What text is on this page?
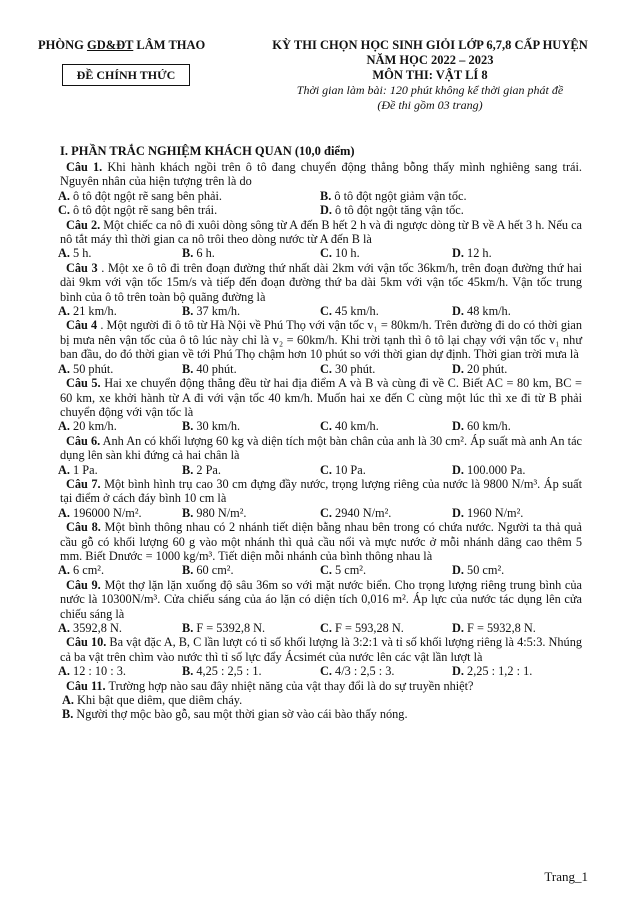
PHÒNG GD&ĐT LÂM THAO
ĐỀ CHÍNH THỨC
KỲ THI CHỌN HỌC SINH GIỎI LỚP 6,7,8 CẤP HUYỆN
NĂM HỌC 2022 – 2023
MÔN THI: VẬT LÍ 8
Thời gian làm bài: 120 phút không kể thời gian phát đề
(Đề thi gồm 03 trang)
I. PHẦN TRẮC NGHIỆM KHÁCH QUAN (10,0 điểm)

Câu 1. Khi hành khách ngồi trên ô tô đang chuyển động thẳng bỗng thấy mình nghiêng sang trái. Nguyên nhân của hiện tượng trên là do

A. ô tô đột ngột rẽ sang bên phải.	B. ô tô đột ngột giảm vận tốc.
C. ô tô đột ngột rẽ sang bên trái.	D. ô tô đột ngột tăng vận tốc.

Câu 2. Một chiếc ca nô đi xuôi dòng sông từ A đến B hết 2 h và đi ngược dòng từ B về A hết 3 h. Nếu ca nô tắt máy thì thời gian ca nô trôi theo dòng nước từ A đến B là

A. 5 h.	B. 6 h.	C. 10 h.	D. 12 h.

Câu 3 . Một xe ô tô đi trên đoạn đường thứ nhất dài 2km với vận tốc 36km/h, trên đoạn đường thứ hai dài 9km với vận tốc 15m/s và tiếp đến đoạn đường thứ ba dài 5km với vận tốc 45km/h. Vận tốc trung bình của ô tô trên toàn bộ quãng đường là

A. 21 km/h.	B. 37 km/h.	C. 45 km/h.	D. 48 km/h.

Câu 4 . Một người đi ô tô từ Hà Nội về Phú Thọ với vận tốc v₁ = 80km/h. Trên đường đi do có thời gian bị mưa nên vận tốc của ô tô lúc này chỉ là v₂ = 60km/h. Khi trời tạnh thì ô tô lại chạy với vận tốc v₁ như ban đầu, do đó thời gian về tới Phú Thọ chậm hơn 10 phút so với thời gian dự định. Thời gian trời mưa là

A. 50 phút.	B. 40 phút.	C. 30 phút.	D. 20 phút.

Câu 5. Hai xe chuyển động thẳng đều từ hai địa điểm A và B và cùng đi về C. Biết AC = 80 km, BC = 60 km, xe khởi hành từ A đi với vận tốc 40 km/h. Muốn hai xe đến C cùng một lúc thì xe đi từ B phải chuyển động với vận tốc là

A. 20 km/h.	B. 30 km/h.	C. 40 km/h.	D. 60 km/h.

Câu 6. Anh An có khối lượng 60 kg và diện tích một bàn chân của anh là 30 cm². Áp suất mà anh An tác dụng lên sàn khi đứng cả hai chân là

A. 1 Pa.	B. 2 Pa.	C. 10 Pa.	D. 100.000 Pa.

Câu 7. Một bình hình trụ cao 30 cm đựng đầy nước, trọng lượng riêng của nước là 9800 N/m³. Áp suất tại điểm ở cách đáy bình 10 cm là

A. 196000 N/m².	B. 980 N/m².	C. 2940 N/m².	D. 1960 N/m².

Câu 8. Một bình thông nhau có 2 nhánh tiết diện bằng nhau bên trong có chứa nước. Người ta thả quả cầu gỗ có khối lượng 60 g vào một nhánh thì quả cầu nổi và mực nước ở mỗi nhánh dâng cao thêm 5 mm. Biết Dnước = 1000 kg/m³. Tiết diện mỗi nhánh của bình thông nhau là

A. 6 cm².	B. 60 cm².	C. 5 cm².	D. 50 cm².

Câu 9. Một thợ lặn lặn xuống độ sâu 36m so với mặt nước biển. Cho trọng lượng riêng trung bình của nước là 10300N/m³. Cửa chiếu sáng của áo lặn có diện tích 0,016 m². Áp lực của nước tác dụng lên cửa chiếu sáng là

A. 3592,8 N.	B. F = 5392,8 N.	C. F = 593,28 N.	D. F = 5932,8 N.

Câu 10. Ba vật đặc A, B, C lần lượt có tỉ số khối lượng là 3:2:1 và tỉ số khối lượng riêng là 4:5:3. Nhúng cả ba vật trên chìm vào nước thì tỉ số lực đẩy Ácsimét của nước lên các vật lần lượt là

A. 12 : 10 : 3.	B. 4,25 : 2,5 : 1.	C. 4/3 : 2,5 : 3.	D. 2,25 : 1,2 : 1.

Câu 11. Trường hợp nào sau đây nhiệt năng của vật thay đổi là do sự truyền nhiệt?

A. Khi bật que diêm, que diêm cháy.
B. Người thợ mộc bào gỗ, sau một thời gian sờ vào cái bào thấy nóng.
Trang_1
